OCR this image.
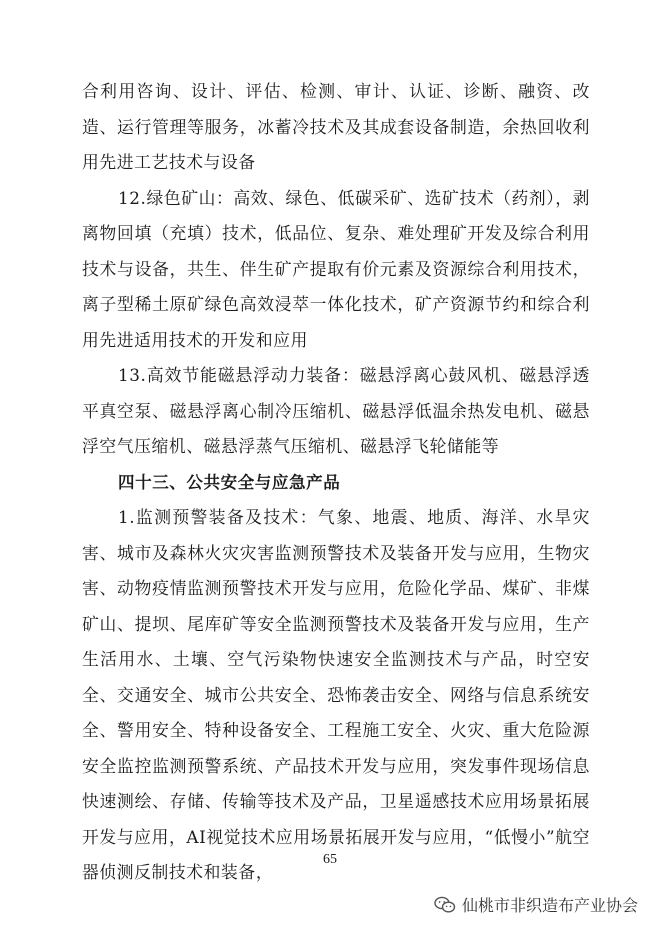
合利用咨询、设计、评估、检测、审计、认证、诊断、融资、改造、运行管理等服务，冰蓄冷技术及其成套设备制造，余热回收利用先进工艺技术与设备

12.绿色矿山：高效、绿色、低碳采矿、选矿技术（药剂），剥离物回填（充填）技术，低品位、复杂、难处理矿开发及综合利用技术与设备，共生、伴生矿产提取有价元素及资源综合利用技术，离子型稀土原矿绿色高效浸萃一体化技术，矿产资源节约和综合利用先进适用技术的开发和应用

13.高效节能磁悬浮动力装备：磁悬浮离心鼓风机、磁悬浮透平真空泵、磁悬浮离心制冷压缩机、磁悬浮低温余热发电机、磁悬浮空气压缩机、磁悬浮蒸气压缩机、磁悬浮飞轮储能等

四十三、公共安全与应急产品

1.监测预警装备及技术：气象、地震、地质、海洋、水旱灾害、城市及森林火灾灾害监测预警技术及装备开发与应用，生物灾害、动物疫情监测预警技术开发与应用，危险化学品、煤矿、非煤矿山、提坝、尾库矿等安全监测预警技术及装备开发与应用，生产生活用水、土壤、空气污染物快速安全监测技术与产品，时空安全、交通安全、城市公共安全、恐怖袭击安全、网络与信息系统安全、警用安全、特种设备安全、工程施工安全、火灾、重大危险源安全监控监测预警系统、产品技术开发与应用，突发事件现场信息快速测绘、存储、传输等技术及产品，卫星遥感技术应用场景拓展开发与应用，AI视觉技术应用场景拓展开发与应用，“低慢小”航空器侦测反制技术和装备，

65
仙桃市非织造布产业协会
